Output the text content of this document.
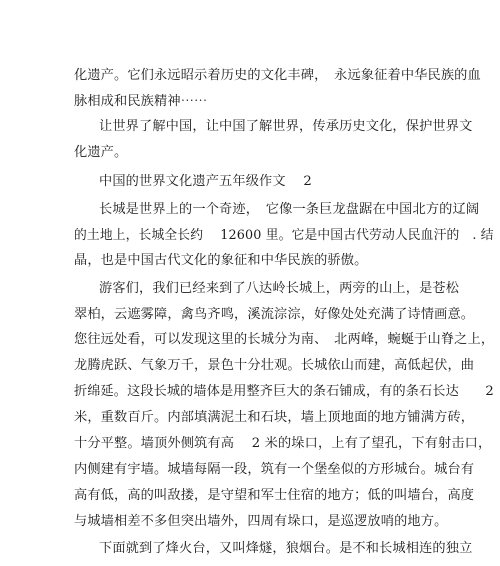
化遗产。它们永远昭示着历史的文化丰碑，　永远象征着中华民族的血
脉相成和民族精神⋯⋯
让世界了解中国，让中国了解世界，传承历史文化，保护世界文
化遗产。
中国的世界文化遗产五年级作文　 2
长城是世界上的一个奇迹，　它像一条巨龙盘踞在中国北方的辽阔
的土地上，长城全长约　 12600 里。它是中国古代劳动人民血汗的　. 结
晶，也是中国古代文化的象征和中华民族的骄傲。
游客们，我们已经来到了八达岭长城上，两旁的山上，是苍松
翠柏，云遮雾障，禽鸟齐鸣，溪流淙淙，好像处处充满了诗情画意。
您往远处看，可以发现这里的长城分为南、　北两峰，蜿蜒于山脊之上，
龙腾虎跃、气象万千，景色十分壮观。长城依山而建，高低起伏，曲
折绵延。这段长城的墙体是用整齐巨大的条石铺成，有的条石长达　　2
米，重数百斤。内部填满泥土和石块，墙上顶地面的地方铺满方砖，
十分平整。墙顶外侧筑有高　 2 米的垛口，上有了望孔，下有射击口，
内侧建有宇墙。城墙每隔一段，筑有一个堡垒似的方形城台。城台有
高有低，高的叫敌搂，是守望和军士住宿的地方；低的叫墙台，高度
与城墙相差不多但突出墙外，四周有垛口，是巡逻放哨的地方。
下面就到了烽火台，又叫烽燧，狼烟台。是不和长城相连的独立
